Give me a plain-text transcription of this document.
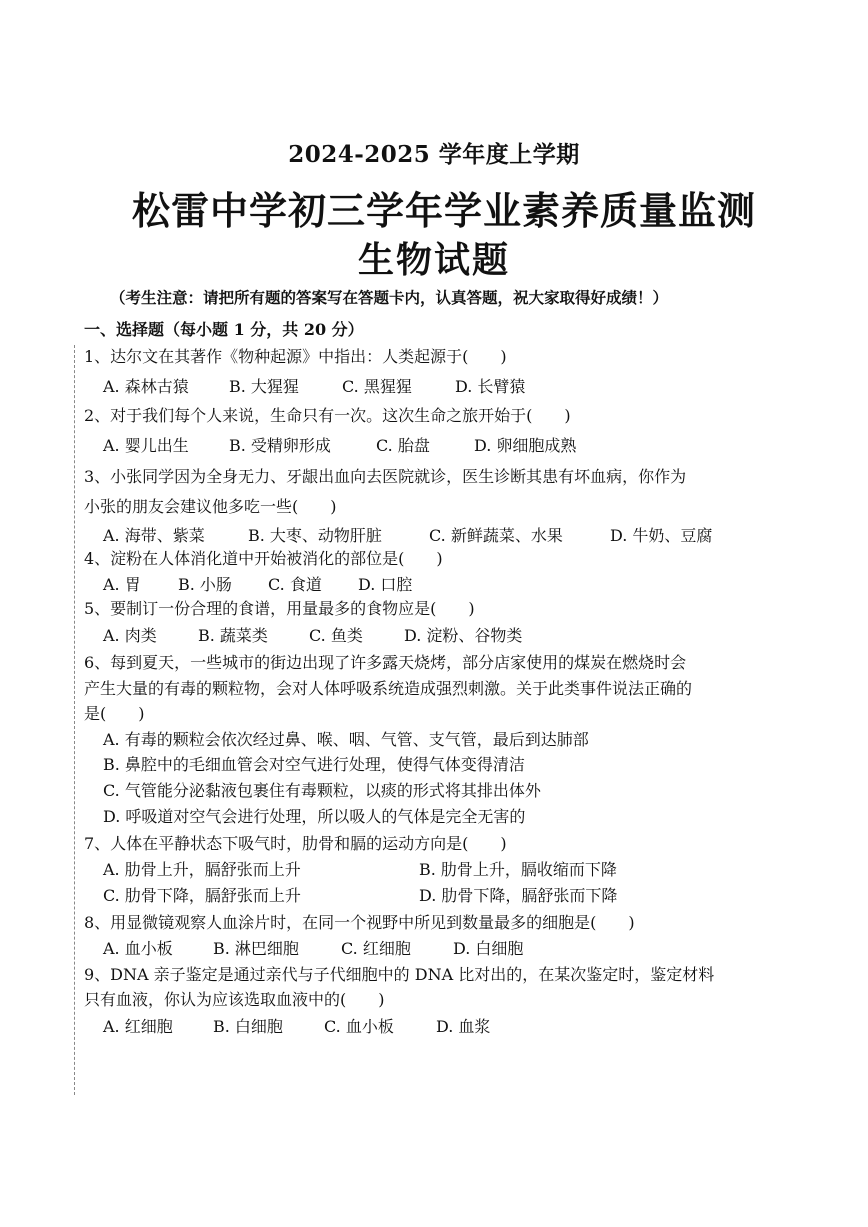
2024-2025 学年度上学期
松雷中学初三学年学业素养质量监测
生物试题
（考生注意：请把所有题的答案写在答题卡内，认真答题，祝大家取得好成绩！）
一、选择题（每小题 1 分，共 20 分）
1、达尔文在其著作《物种起源》中指出：人类起源于(　　)
A. 森林古猿	B. 大猩猩	C. 黑猩猩	D. 长臂猿
2、对于我们每个人来说，生命只有一次。这次生命之旅开始于(　　)
A. 婴儿出生	B. 受精卵形成	C. 胎盘	D. 卵细胞成熟
3、小张同学因为全身无力、牙龈出血向去医院就诊，医生诊断其患有坏血病，你作为
小张的朋友会建议他多吃一些(　　)
A. 海带、紫菜	B. 大枣、动物肝脏	C. 新鲜蔬菜、水果	D. 牛奶、豆腐
4、淀粉在人体消化道中开始被消化的部位是(　　)
A. 胃 B. 小肠 C. 食道 D. 口腔
5、要制订一份合理的食谱，用量最多的食物应是(　　)
A. 肉类	B. 蔬菜类	C. 鱼类	D. 淀粉、谷物类
6、每到夏天，一些城市的街边出现了许多露天烧烤，部分店家使用的煤炭在燃烧时会
产生大量的有毒的颗粒物，会对人体呼吸系统造成强烈刺激。关于此类事件说法正确的
是(　　)
A. 有毒的颗粒会依次经过鼻、喉、咽、气管、支气管，最后到达肺部
B. 鼻腔中的毛细血管会对空气进行处理，使得气体变得清洁
C. 气管能分泌黏液包裹住有毒颗粒，以痰的形式将其排出体外
D. 呼吸道对空气会进行处理，所以吸人的气体是完全无害的
7、人体在平静状态下吸气时，肋骨和膈的运动方向是(　　)
A. 肋骨上升，膈舒张而上升	B. 肋骨上升，膈收缩而下降
C. 肋骨下降，膈舒张而上升	D. 肋骨下降，膈舒张而下降
8、用显微镜观察人血涂片时，在同一个视野中所见到数量最多的细胞是(　　)
A. 血小板	B. 淋巴细胞	C. 红细胞	D. 白细胞
9、DNA 亲子鉴定是通过亲代与子代细胞中的 DNA 比对出的，在某次鉴定时，鉴定材料
只有血液，你认为应该选取血液中的(　　)
A. 红细胞	B. 白细胞	C. 血小板	D. 血浆
